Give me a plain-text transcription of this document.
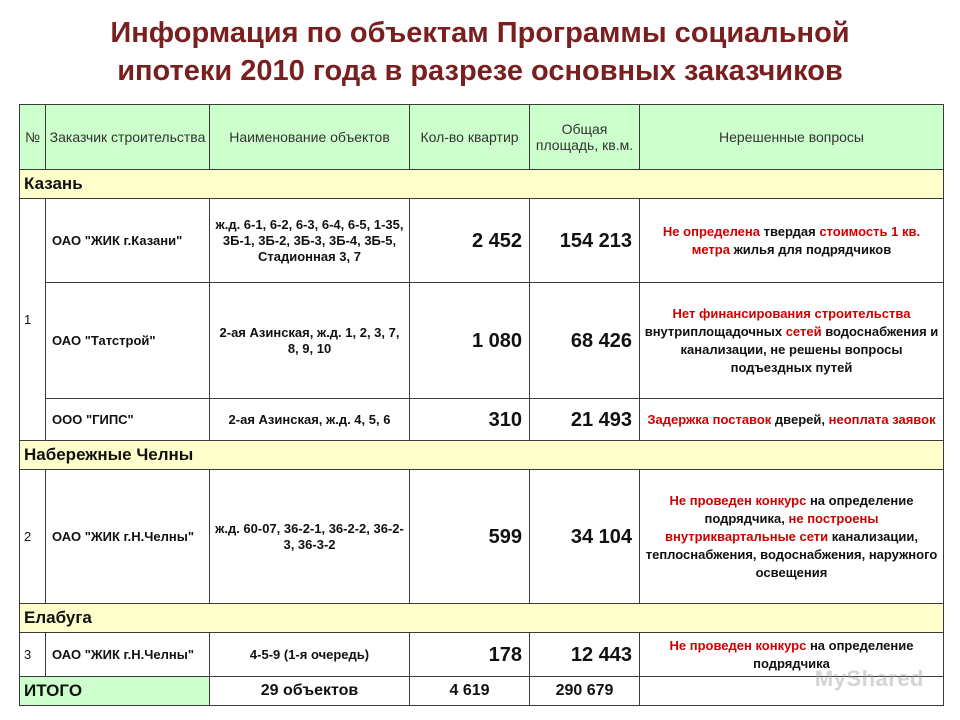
Информация по объектам Программы социальной
ипотеки 2010 года в разрезе основных заказчиков
№	Заказчик строительства	Наименование объектов	Кол-во квартир	Общая площадь, кв.м.	Нерешенные вопросы
Казань					
1	ОАО "ЖИК г.Казани"	ж.д. 6-1, 6-2, 6-3, 6-4, 6-5, 1-35, 3Б-1, 3Б-2, 3Б-3, 3Б-4, 3Б-5, Стадионная 3, 7	2 452	154 213	Не определена твердая стоимость 1 кв. метра жилья для подрядчиков
	ОАО "Татстрой"	2-ая Азинская, ж.д. 1, 2, 3, 7, 8, 9, 10	1 080	68 426	Нет финансирования строительства внутриплощадочных сетей водоснабжения и канализации, не решены вопросы подъездных путей
	ООО "ГИПС"	2-ая Азинская, ж.д. 4, 5, 6	310	21 493	Задержка поставок дверей, неоплата заявок
Набережные Челны					
2	ОАО "ЖИК г.Н.Челны"	ж.д. 60-07, 36-2-1, 36-2-2, 36-2-3, 36-3-2	599	34 104	Не проведен конкурс на определение подрядчика, не построены внутриквартальные сети канализации, теплоснабжения, водоснабжения, наружного освещения
Елабуга					
3	ОАО "ЖИК г.Н.Челны"	4-5-9 (1-я очередь)	178	12 443	Не проведен конкурс на определение подрядчика
ИТОГО		29 объектов	4 619	290 679		MyShared
